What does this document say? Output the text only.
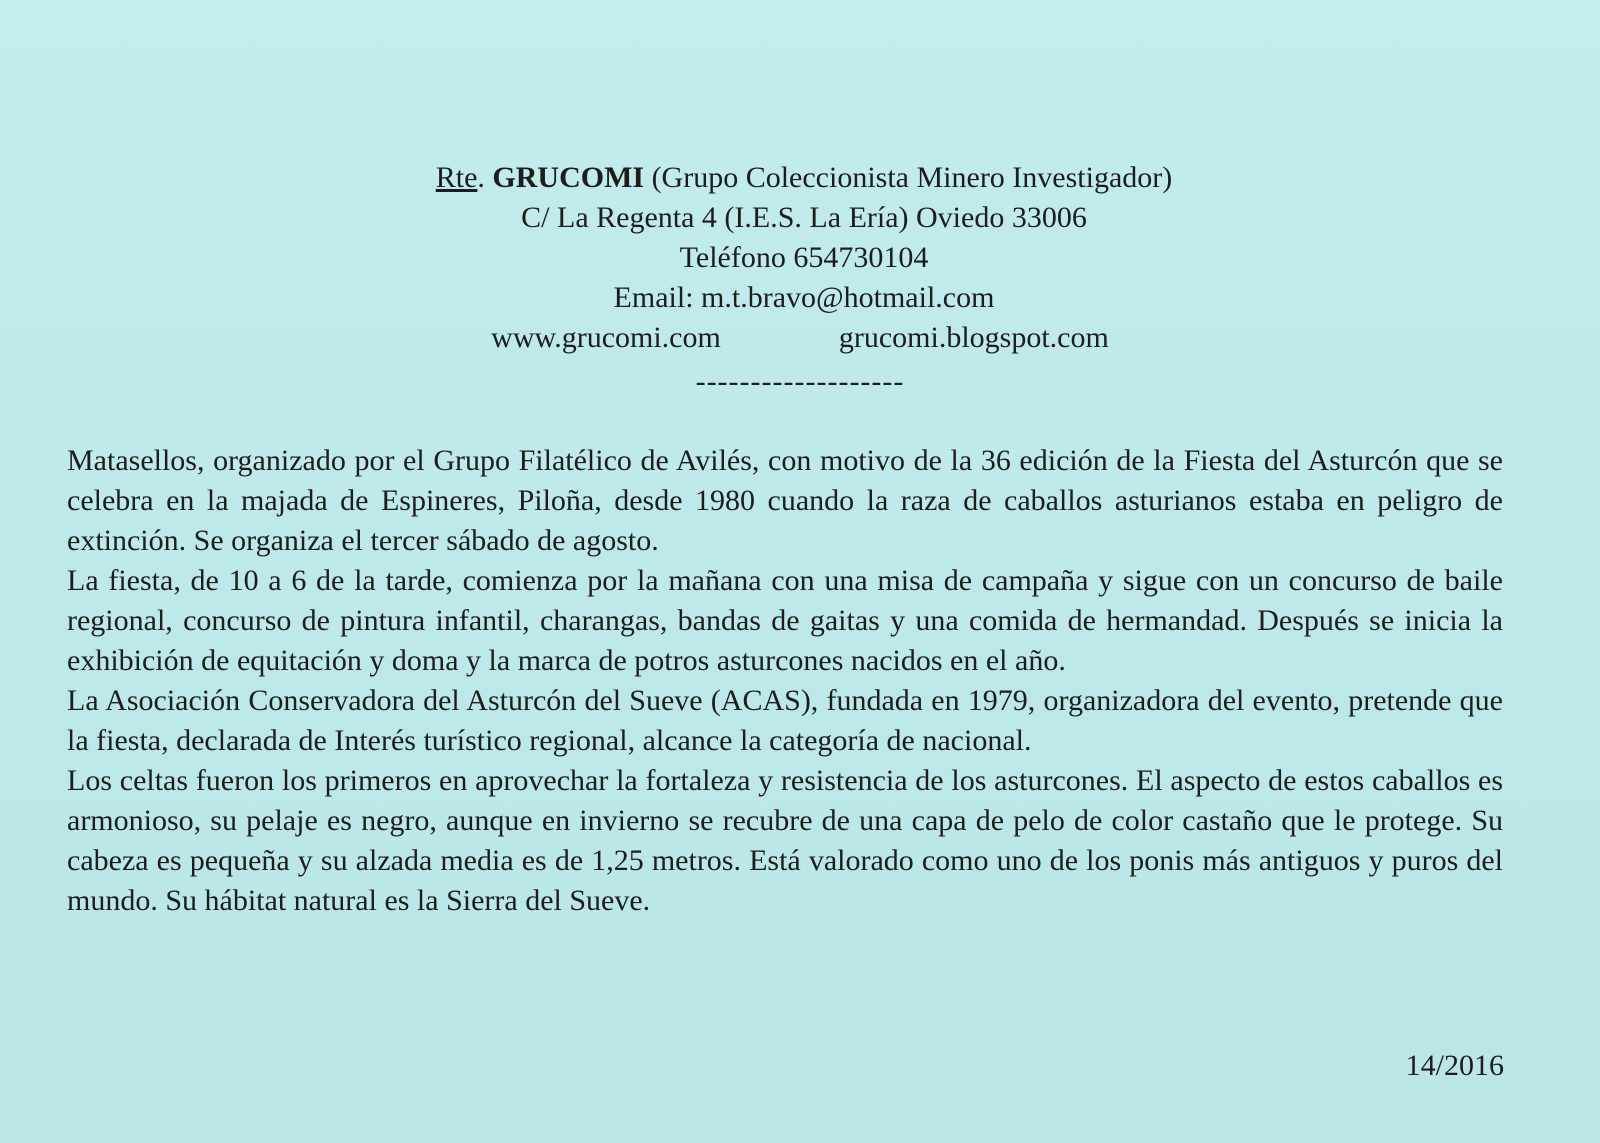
Rte. GRUCOMI (Grupo Coleccionista Minero Investigador)
C/ La Regenta 4 (I.E.S. La Ería) Oviedo 33006
Teléfono 654730104
Email: m.t.bravo@hotmail.com
www.grucomi.com	grucomi.blogspot.com
-------------------

Matasellos, organizado por el Grupo Filatélico de Avilés, con motivo de la 36 edición de la Fiesta del Asturcón que se celebra en la majada de Espineres, Piloña, desde 1980 cuando la raza de caballos asturianos estaba en peligro de extinción. Se organiza el tercer sábado de agosto.

La fiesta, de 10 a 6 de la tarde, comienza por la mañana con una misa de campaña y sigue con un concurso de baile regional, concurso de pintura infantil, charangas, bandas de gaitas y una comida de hermandad. Después se inicia la exhibición de equitación y doma y la marca de potros asturcones nacidos en el año.

La Asociación Conservadora del Asturcón del Sueve (ACAS), fundada en 1979, organizadora del evento, pretende que la fiesta, declarada de Interés turístico regional, alcance la categoría de nacional.

Los celtas fueron los primeros en aprovechar la fortaleza y resistencia de los asturcones. El aspecto de estos caballos es armonioso, su pelaje es negro, aunque en invierno se recubre de una capa de pelo de color castaño que le protege. Su cabeza es pequeña y su alzada media es de 1,25 metros. Está valorado como uno de los ponis más antiguos y puros del mundo. Su hábitat natural es la Sierra del Sueve.

14/2016
